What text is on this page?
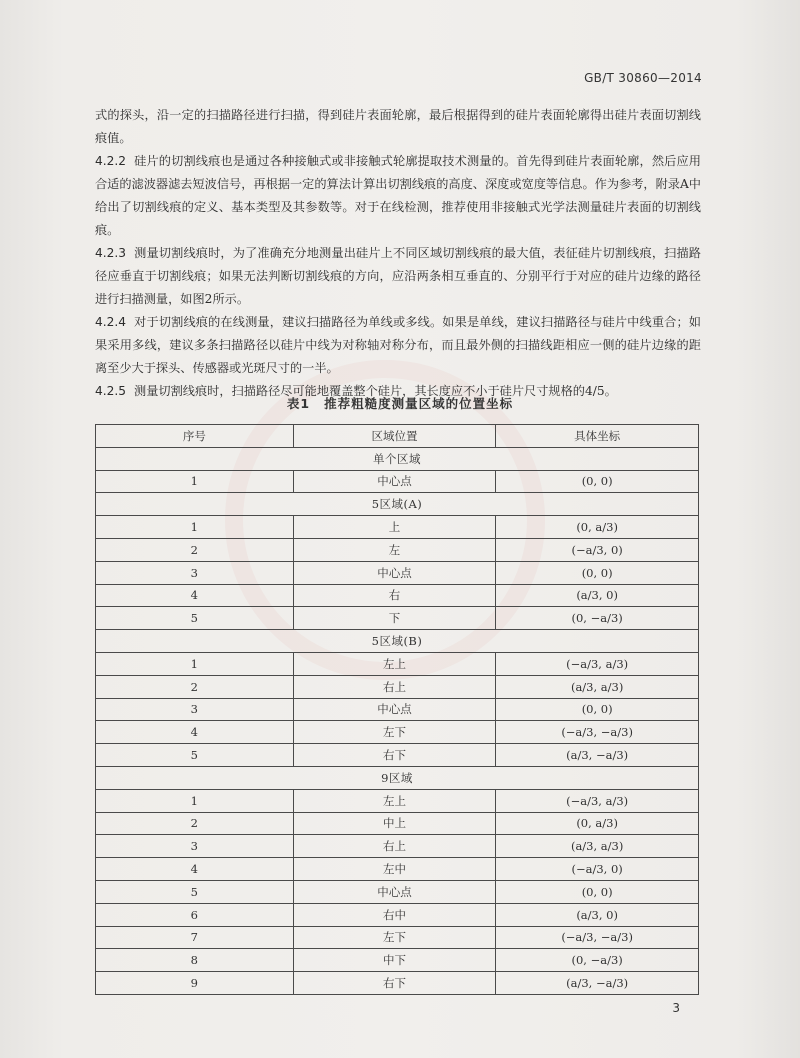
GB/T 30860—2014

式的探头，沿一定的扫描路径进行扫描，得到硅片表面轮廓，最后根据得到的硅片表面轮廓得出硅片表面切割线痕值。

4.2.2 硅片的切割线痕也是通过各种接触式或非接触式轮廓提取技术测量的。首先得到硅片表面轮廓，然后应用合适的滤波器滤去短波信号，再根据一定的算法计算出切割线痕的高度、深度或宽度等信息。作为参考，附录A中给出了切割线痕的定义、基本类型及其参数等。对于在线检测，推荐使用非接触式光学法测量硅片表面的切割线痕。

4.2.3 测量切割线痕时，为了准确充分地测量出硅片上不同区域切割线痕的最大值，表征硅片切割线痕，扫描路径应垂直于切割线痕；如果无法判断切割线痕的方向，应沿两条相互垂直的、分别平行于对应的硅片边缘的路径进行扫描测量，如图2所示。

4.2.4 对于切割线痕的在线测量，建议扫描路径为单线或多线。如果是单线，建议扫描路径与硅片中线重合；如果采用多线，建议多条扫描路径以硅片中线为对称轴对称分布，而且最外侧的扫描线距相应一侧的硅片边缘的距离至少大于探头、传感器或光斑尺寸的一半。

4.2.5 测量切割线痕时，扫描路径尽可能地覆盖整个硅片，其长度应不小于硅片尺寸规格的4/5。

表1 推荐粗糙度测量区域的位置坐标
序号	区域位置	具体坐标
单个区域		
1	中心点	(0, 0)
5区域(A)		
1	上	(0, a/3)
2	左	(−a/3, 0)
3	中心点	(0, 0)
4	右	(a/3, 0)
5	下	(0, −a/3)
5区域(B)		
1	左上	(−a/3, a/3)
2	右上	(a/3, a/3)
3	中心点	(0, 0)
4	左下	(−a/3, −a/3)
5	右下	(a/3, −a/3)
9区域		
1	左上	(−a/3, a/3)
2	中上	(0, a/3)
3	右上	(a/3, a/3)
4	左中	(−a/3, 0)
5	中心点	(0, 0)
6	右中	(a/3, 0)
7	左下	(−a/3, −a/3)
8	中下	(0, −a/3)
9	右下	(a/3, −a/3)
3
